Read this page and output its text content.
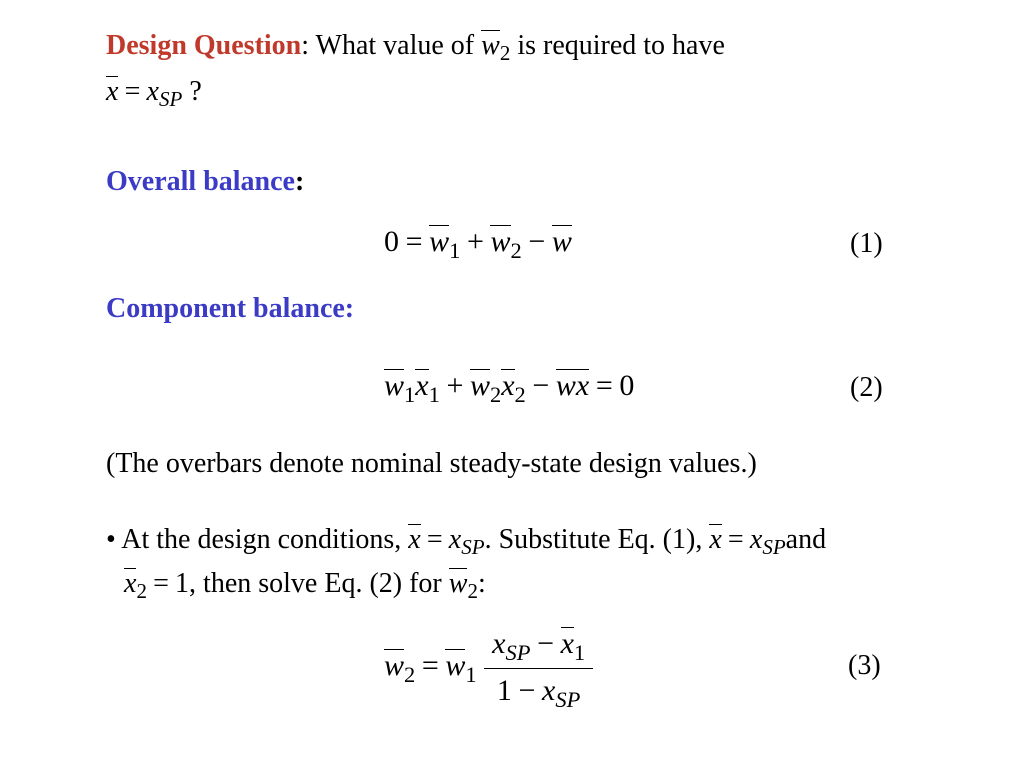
Design Question: What value of $w_2$ is required to have
$x = x_{SP}$ ?
Overall balance:
$0 = w_1 + w_2 - w$	(1)
Component balance:
$w_1x_1 + w_2x_2$ − wx = 0	(2)
(The overbars denote nominal steady-state design values.)
• At the design conditions, $x = x_{SP}$. Substitute Eq. (1), $x = x_{SP}and$
$x_2 = 1$, then solve Eq. (2) for $w_2$:
$w_2 = w_1 \frac{x_{SP} - x_1}{1 - x_{SP}}$	(3)
